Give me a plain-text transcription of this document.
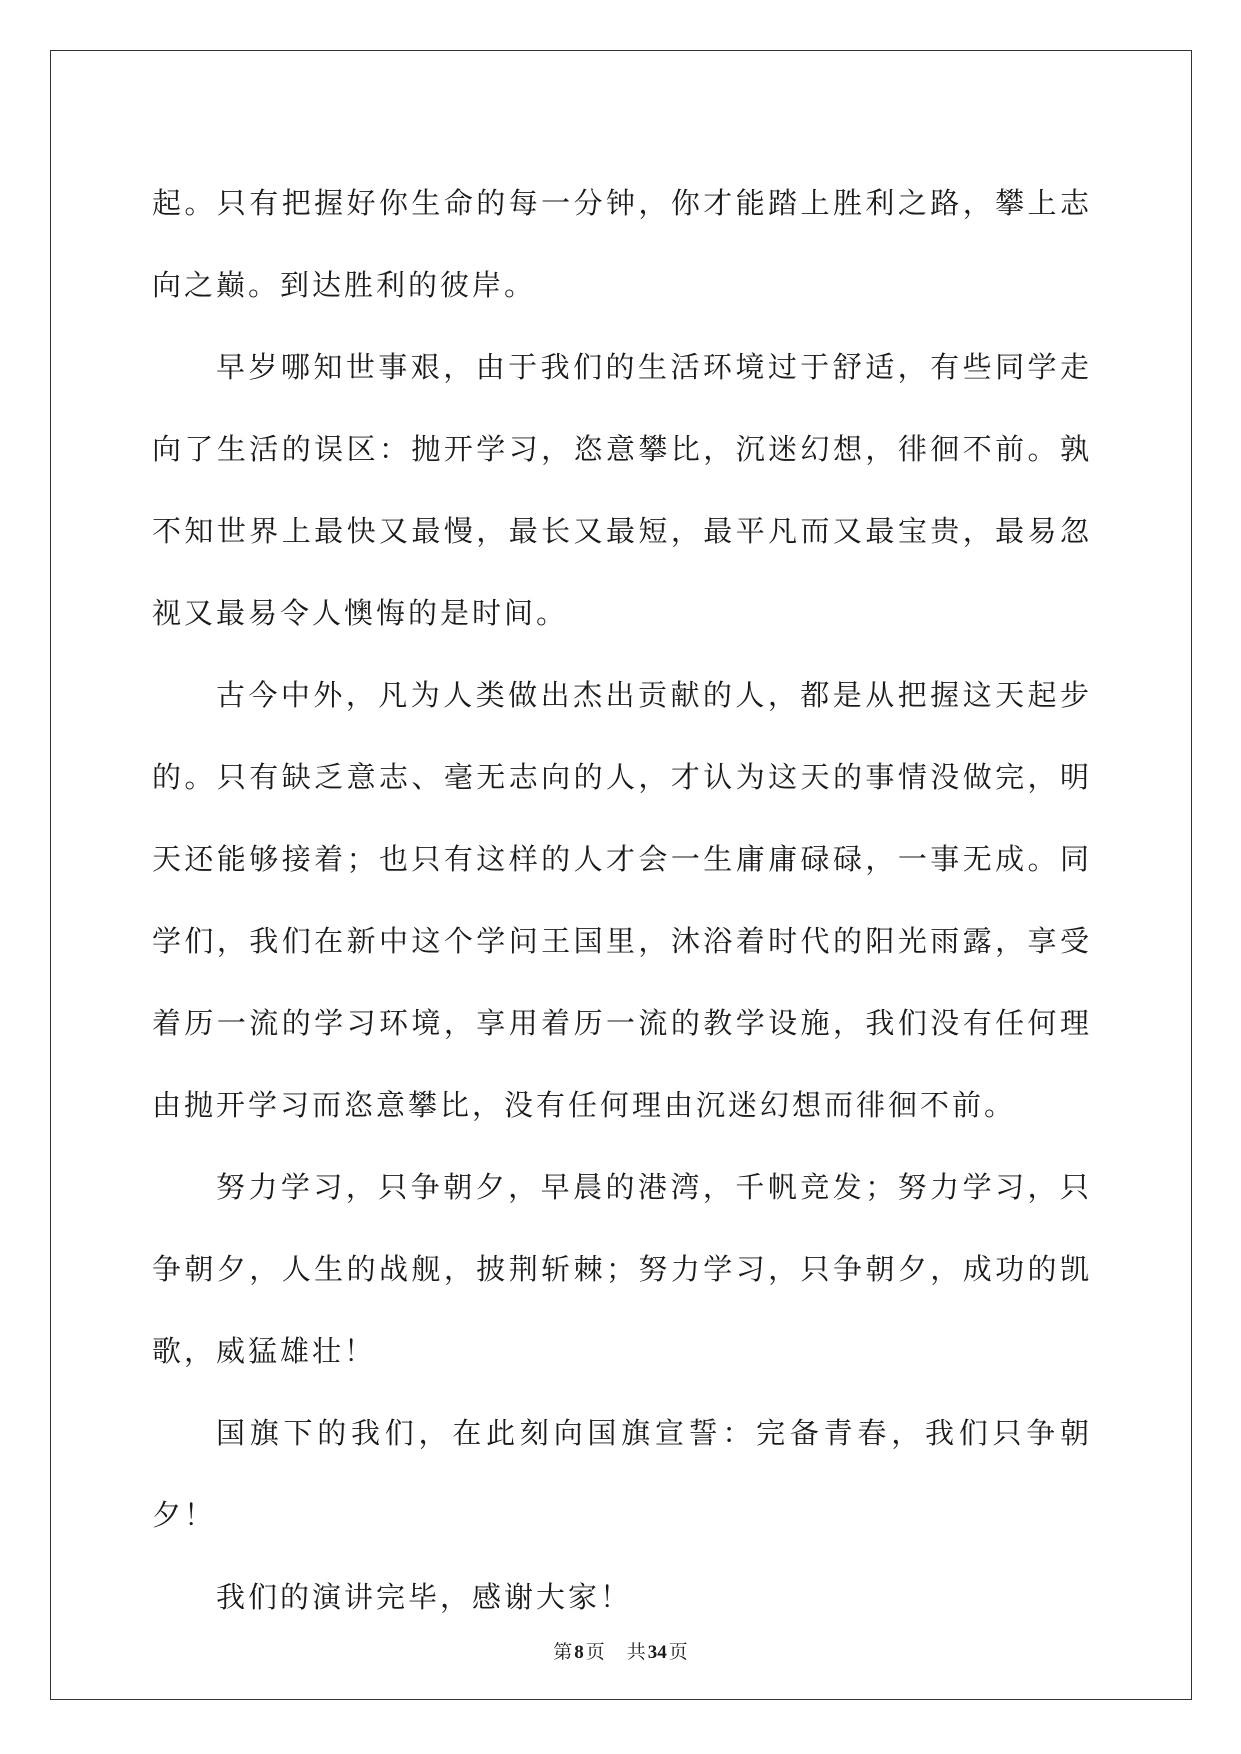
起。只有把握好你生命的每一分钟，你才能踏上胜利之路，攀上志向之巅。到达胜利的彼岸。

早岁哪知世事艰，由于我们的生活环境过于舒适，有些同学走向了生活的误区：抛开学习，恣意攀比，沉迷幻想，徘徊不前。孰不知世界上最快又最慢，最长又最短，最平凡而又最宝贵，最易忽视又最易令人懊悔的是时间。

古今中外，凡为人类做出杰出贡献的人，都是从把握这天起步的。只有缺乏意志、毫无志向的人，才认为这天的事情没做完，明天还能够接着；也只有这样的人才会一生庸庸碌碌，一事无成。同学们，我们在新中这个学问王国里，沐浴着时代的阳光雨露，享受着历一流的学习环境，享用着历一流的教学设施，我们没有任何理由抛开学习而恣意攀比，没有任何理由沉迷幻想而徘徊不前。

努力学习，只争朝夕，早晨的港湾，千帆竞发；努力学习，只争朝夕，人生的战舰，披荆斩棘；努力学习，只争朝夕，成功的凯歌，威猛雄壮！

国旗下的我们，在此刻向国旗宣誓：完备青春，我们只争朝夕！

我们的演讲完毕，感谢大家！

第 8 页 共 34 页
